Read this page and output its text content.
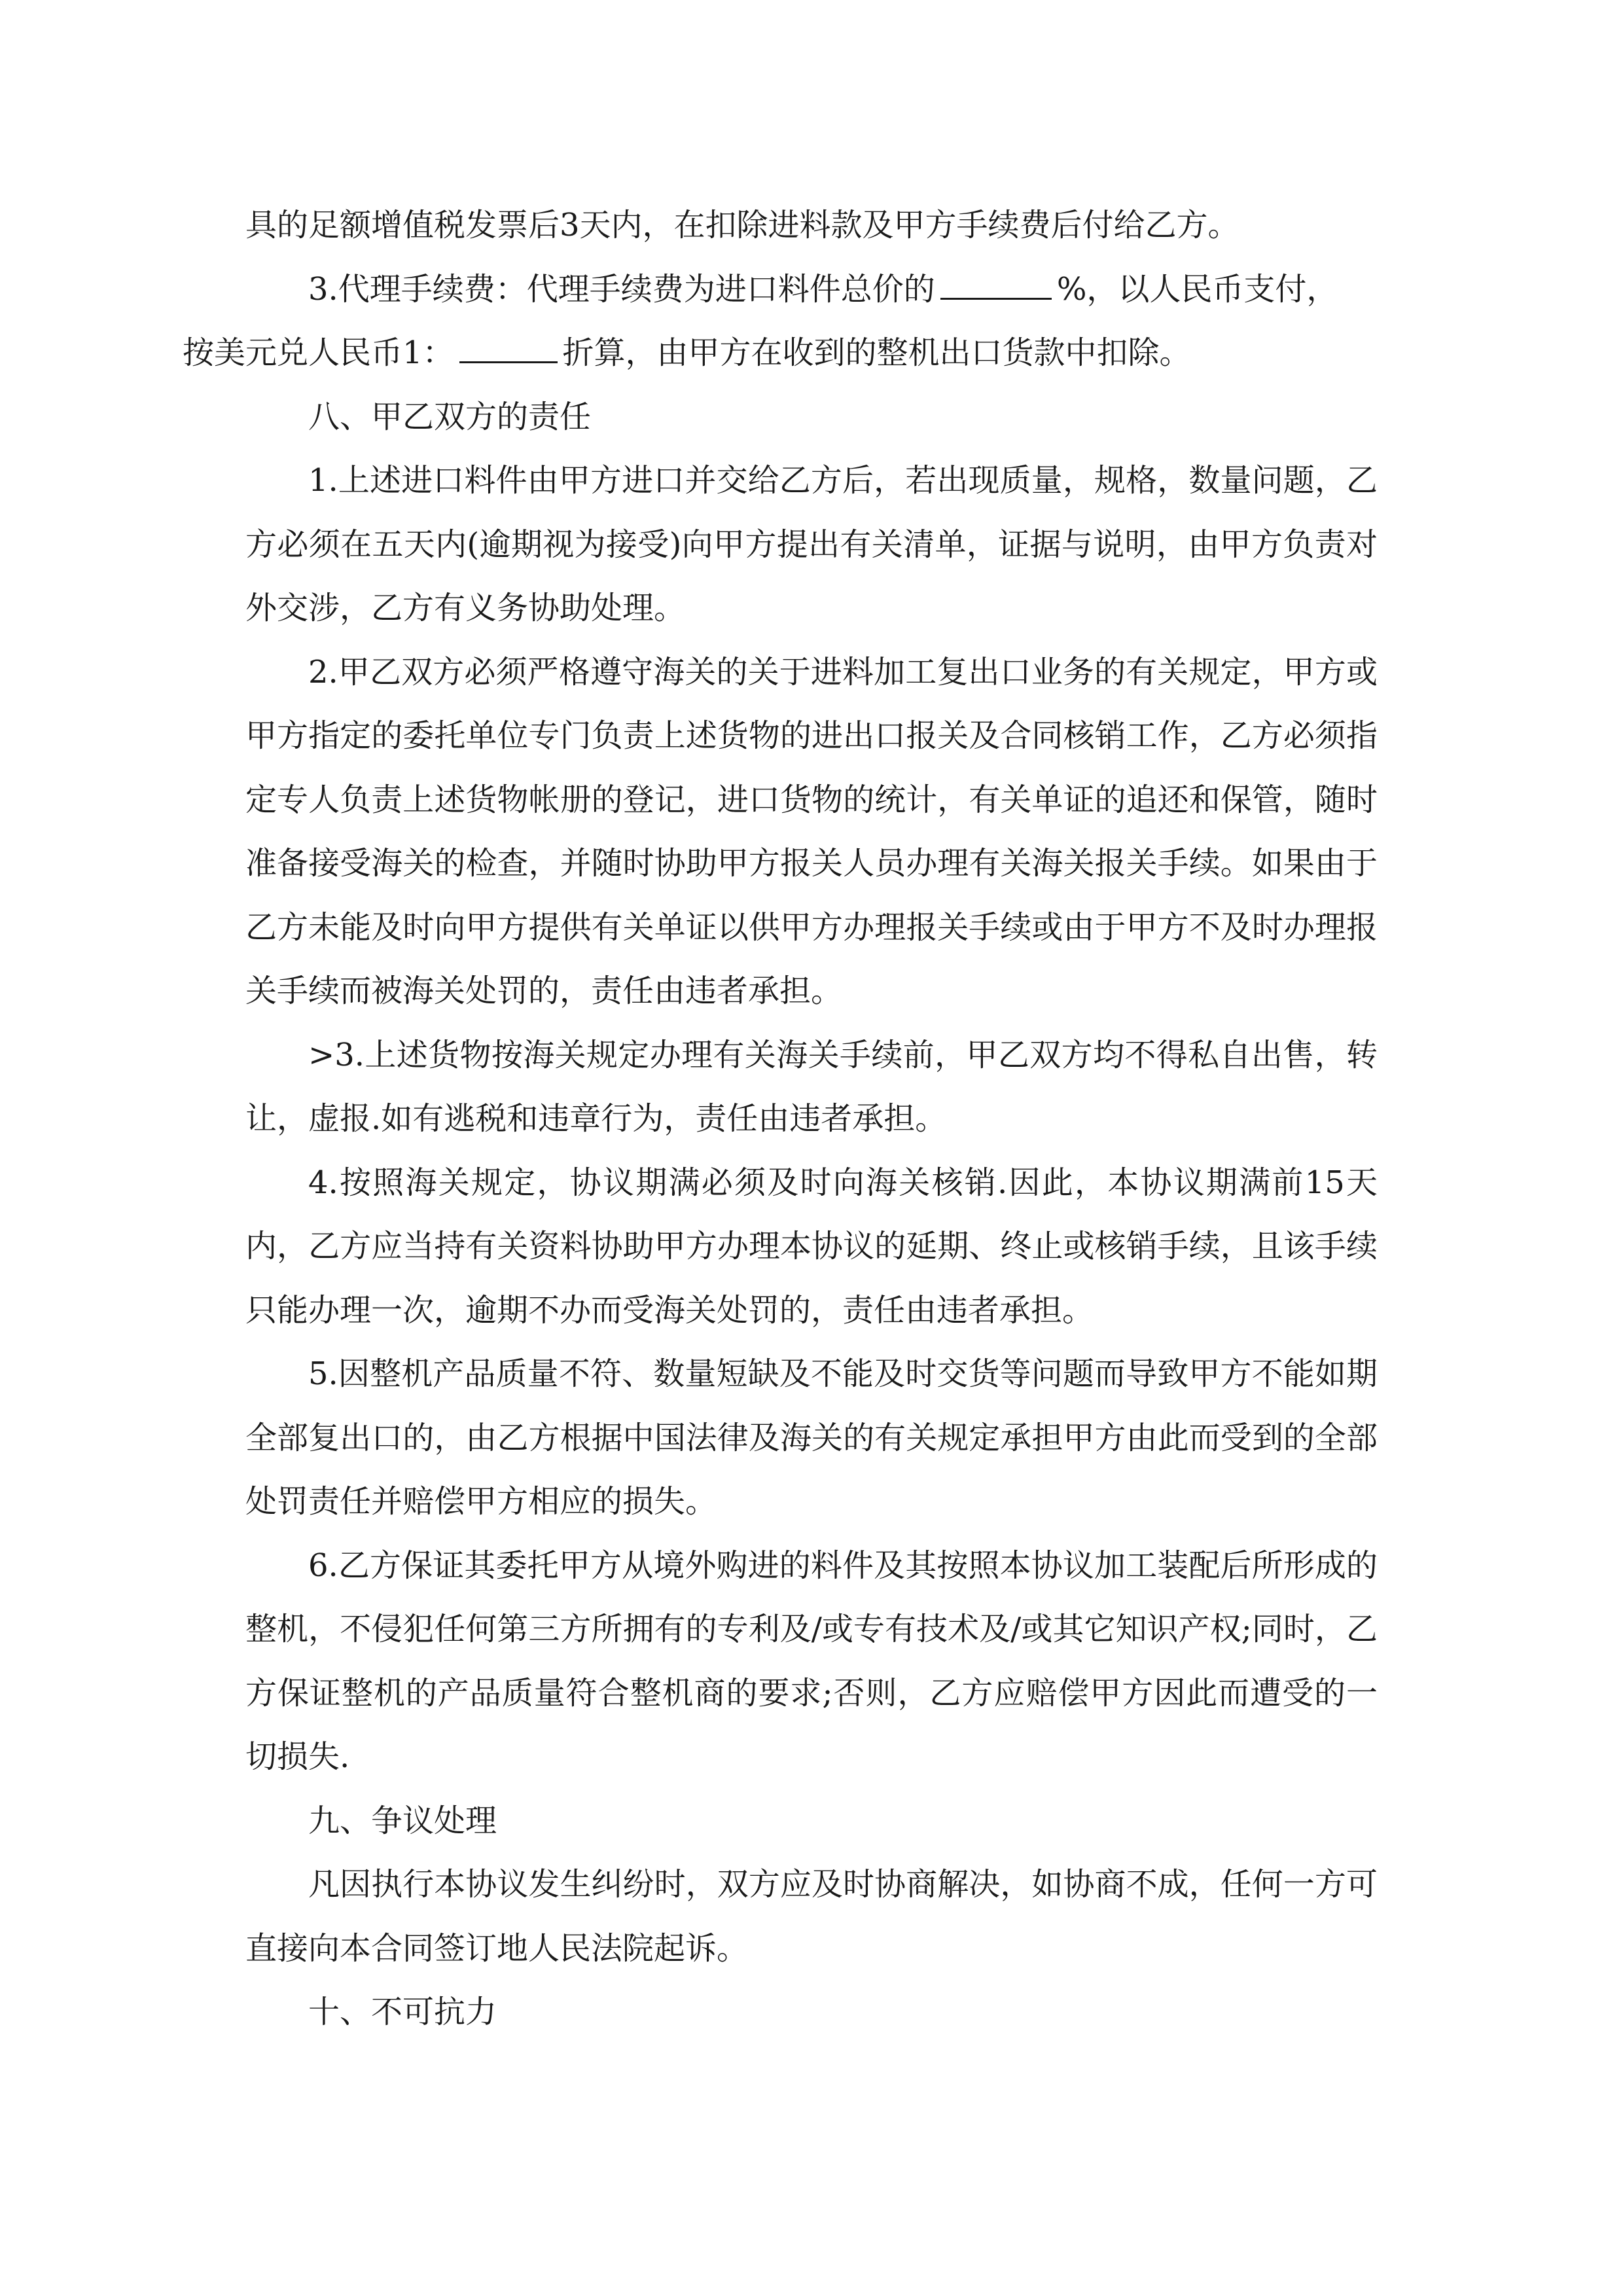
具的足额增值税发票后3天内，在扣除进料款及甲方手续费后付给乙方。

3.代理手续费：代理手续费为进口料件总价的	%，以人民币支付，
按美元兑人民币1：	折算，由甲方在收到的整机出口货款中扣除。

八、甲乙双方的责任

1.上述进口料件由甲方进口并交给乙方后，若出现质量，规格，数量问题，乙方必须在五天内(逾期视为接受)向甲方提出有关清单，证据与说明，由甲方负责对外交涉，乙方有义务协助处理。

2.甲乙双方必须严格遵守海关的关于进料加工复出口业务的有关规定，甲方或甲方指定的委托单位专门负责上述货物的进出口报关及合同核销工作，乙方必须指定专人负责上述货物帐册的登记，进口货物的统计，有关单证的追还和保管，随时准备接受海关的检查，并随时协助甲方报关人员办理有关海关报关手续。如果由于乙方未能及时向甲方提供有关单证以供甲方办理报关手续或由于甲方不及时办理报关手续而被海关处罚的，责任由违者承担。

>3.上述货物按海关规定办理有关海关手续前，甲乙双方均不得私自出售，转让，虚报.如有逃税和违章行为，责任由违者承担。

4.按照海关规定，协议期满必须及时向海关核销.因此，本协议期满前15天内，乙方应当持有关资料协助甲方办理本协议的延期、终止或核销手续，且该手续只能办理一次，逾期不办而受海关处罚的，责任由违者承担。

5.因整机产品质量不符、数量短缺及不能及时交货等问题而导致甲方不能如期全部复出口的，由乙方根据中国法律及海关的有关规定承担甲方由此而受到的全部处罚责任并赔偿甲方相应的损失。

6.乙方保证其委托甲方从境外购进的料件及其按照本协议加工装配后所形成的整机，不侵犯任何第三方所拥有的专利及/或专有技术及/或其它知识产权;同时，乙方保证整机的产品质量符合整机商的要求;否则，乙方应赔偿甲方因此而遭受的一切损失.

九、争议处理

凡因执行本协议发生纠纷时，双方应及时协商解决，如协商不成，任何一方可直接向本合同签订地人民法院起诉。

十、不可抗力
